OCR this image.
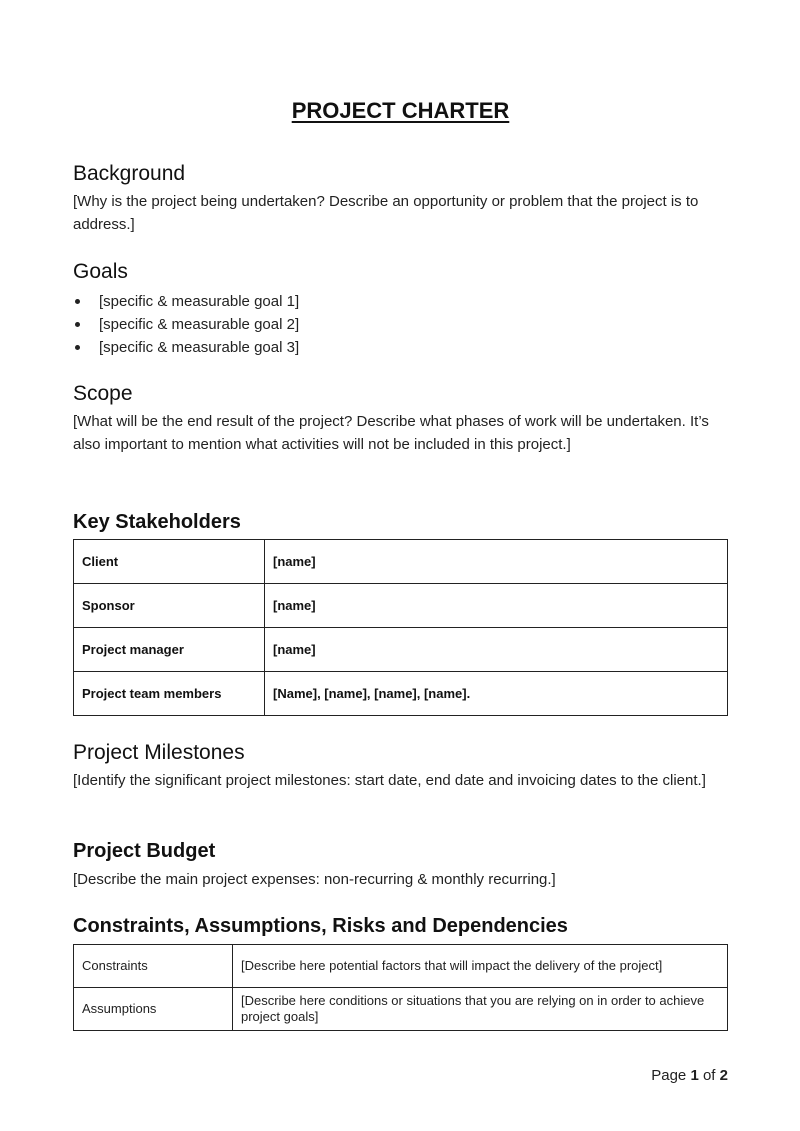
PROJECT CHARTER
Background

[Why is the project being undertaken? Describe an opportunity or problem that the project is to address.]

Goals
[specific & measurable goal 1]
[specific & measurable goal 2]
[specific & measurable goal 3]
Scope

[What will be the end result of the project? Describe what phases of work will be undertaken. It’s also important to mention what activities will not be included in this project.]

Key Stakeholders
Client	[name]
Sponsor	[name]
Project manager	[name]
Project team members	[Name], [name], [name], [name].
Project Milestones

[Identify the significant project milestones: start date, end date and invoicing dates to the client.]

Project Budget

[Describe the main project expenses: non-recurring & monthly recurring.]

Constraints, Assumptions, Risks and Dependencies
Constraints	[Describe here potential factors that will impact the delivery of the project]
Assumptions	[Describe here conditions or situations that you are relying on in order to achieve project goals]
Page 1 of 2
